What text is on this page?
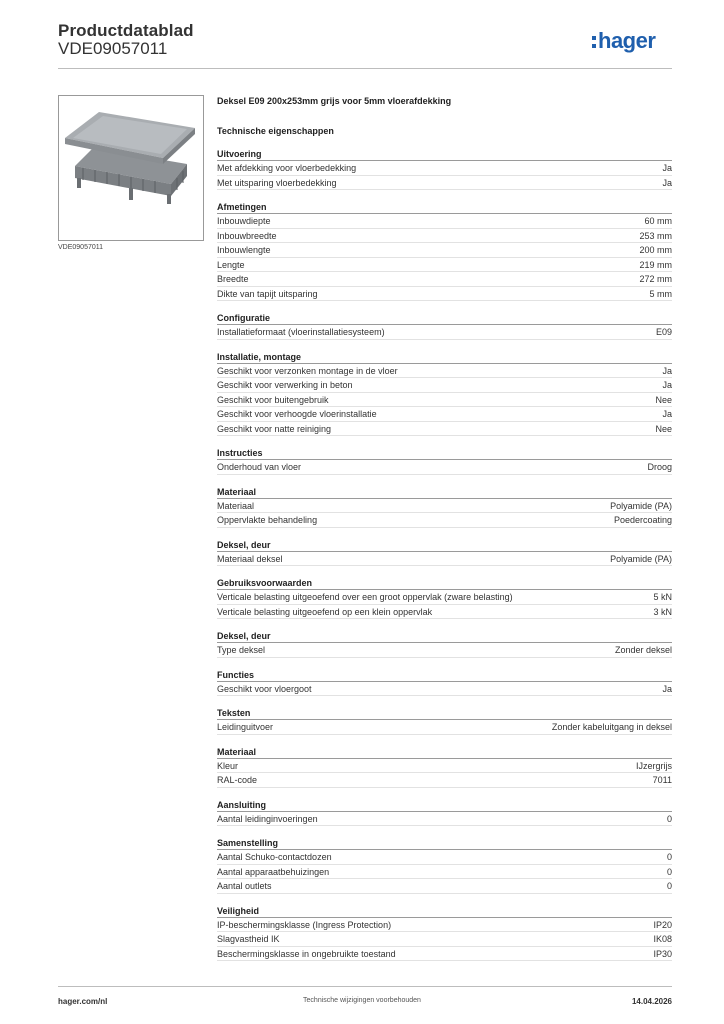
Productdatablad
VDE09057011	hager
VDE09057011
Deksel E09 200x253mm grijs voor 5mm vloerafdekking
Technische eigenschappen
Uitvoering
Met afdekking voor vloerbedekking	Ja
Met uitsparing vloerbedekking	Ja
Afmetingen
Inbouwdiepte	60 mm
Inbouwbreedte	253 mm
Inbouwlengte	200 mm
Lengte	219 mm
Breedte	272 mm
Dikte van tapijt uitsparing	5 mm
Configuratie
Installatieformaat (vloerinstallatiesysteem)	E09
Installatie, montage
Geschikt voor verzonken montage in de vloer	Ja
Geschikt voor verwerking in beton	Ja
Geschikt voor buitengebruik	Nee
Geschikt voor verhoogde vloerinstallatie	Ja
Geschikt voor natte reiniging	Nee
Instructies
Onderhoud van vloer	Droog
Materiaal
Materiaal	Polyamide (PA)
Oppervlakte behandeling	Poedercoating
Deksel, deur
Materiaal deksel	Polyamide (PA)
Gebruiksvoorwaarden
Verticale belasting uitgeoefend over een groot oppervlak (zware belasting)	5 kN
Verticale belasting uitgeoefend op een klein oppervlak	3 kN
Deksel, deur
Type deksel	Zonder deksel
Functies
Geschikt voor vloergoot	Ja
Teksten
Leidinguitvoer	Zonder kabeluitgang in deksel
Materiaal
Kleur	IJzergrijs
RAL-code	7011
Aansluiting
Aantal leidinginvoeringen	0
Samenstelling
Aantal Schuko-contactdozen	0
Aantal apparaatbehuizingen	0
Aantal outlets	0
Veiligheid
IP-beschermingsklasse (Ingress Protection)	IP20
Slagvastheid IK	IK08
Beschermingsklasse in ongebruikte toestand	IP30
hager.com/nl	Technische wijzigingen voorbehouden	14.04.2026
